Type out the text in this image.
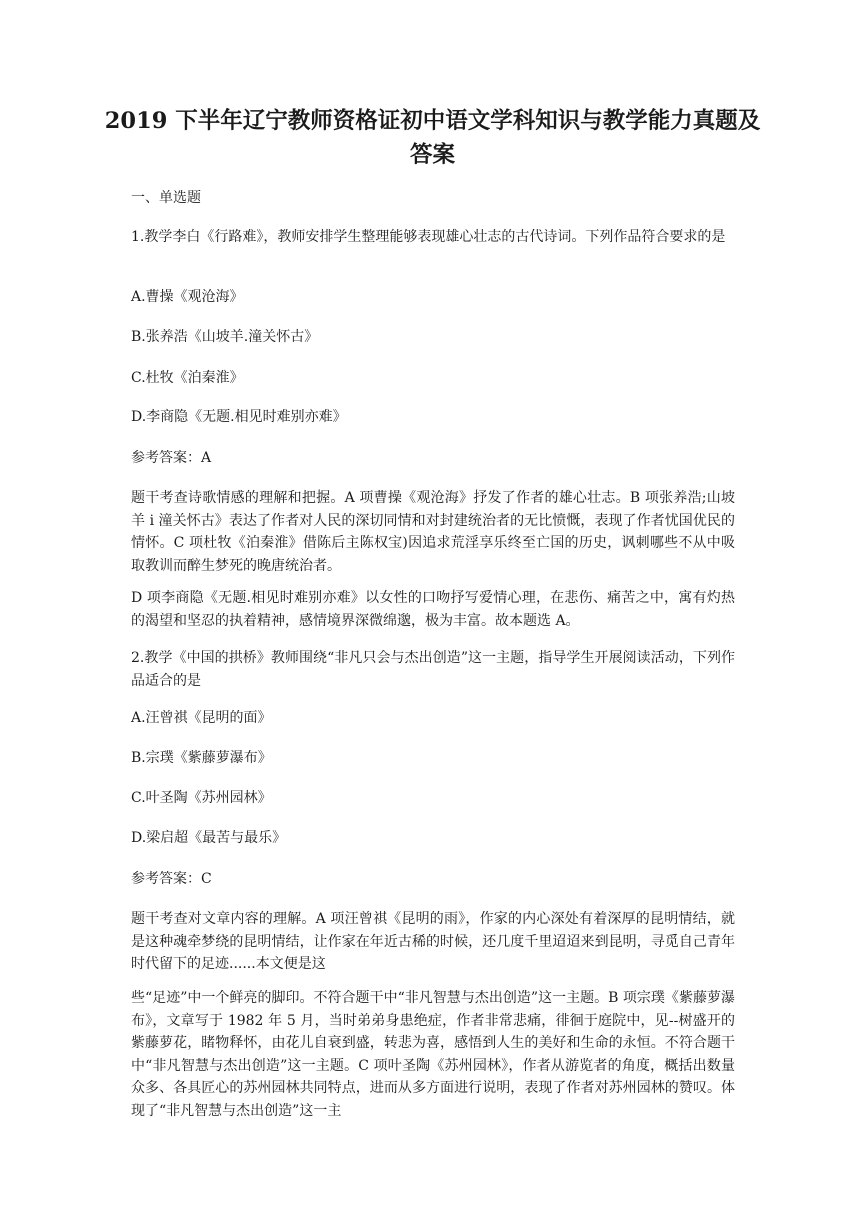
2019 下半年辽宁教师资格证初中语文学科知识与教学能力真题及答案
一、单选题
1.教学李白《行路难》，教师安排学生整理能够表现雄心壮志的古代诗词。下列作品符合要求的是
A.曹操《观沧海》
B.张养浩《山坡羊.潼关怀古》
C.杜牧《泊秦淮》
D.李商隐《无题.相见时难别亦难》
参考答案：A
题干考查诗歌情感的理解和把握。A 项曹操《观沧海》抒发了作者的雄心壮志。B 项张养浩;山坡羊 i 潼关怀古》表达了作者对人民的深切同情和对封建统治者的无比愤慨，表现了作者忧国优民的情怀。C 项杜牧《泊秦淮》借陈后主陈权宝)因追求荒淫享乐终至亡国的历史，讽刺哪些不从中吸取教训而醉生梦死的晚唐统治者。
D 项李商隐《无题.相见时难别亦难》以女性的口吻抒写爱情心理，在悲伤、痛苦之中，寓有灼热的渴望和坚忍的执着精神，感情境界深微绵邈，极为丰富。故本题选 A。
2.教学《中国的拱桥》教师围绕“非凡只会与杰出创造”这一主题，指导学生开展阅读活动，下列作品适合的是
A.汪曾祺《昆明的面》
B.宗璞《紫藤萝瀑布》
C.叶圣陶《苏州园林》
D.梁启超《最苦与最乐》
参考答案：C
题干考查对文章内容的理解。A 项汪曾祺《昆明的雨》，作家的内心深处有着深厚的昆明情结，就是这种魂牵梦绕的昆明情结，让作家在年近古稀的时候，还几度千里迢迢来到昆明，寻觅自己青年时代留下的足迹......本文便是这
些“足迹”中一个鲜亮的脚印。不符合题干中“非凡智慧与杰出创造”这一主题。B 项宗璞《紫藤萝瀑布》，文章写于 1982 年 5 月，当时弟弟身患绝症，作者非常悲痛，徘徊于庭院中，见--树盛开的紫藤萝花，睹物释怀，由花儿自衰到盛，转悲为喜，感悟到人生的美好和生命的永恒。不符合题干中“非凡智慧与杰出创造”这一主题。C 项叶圣陶《苏州园林》，作者从游览者的角度，概括出数量众多、各具匠心的苏州园林共同特点，进而从多方面进行说明，表现了作者对苏州园林的赞叹。体现了“非凡智慧与杰出创造”这一主
